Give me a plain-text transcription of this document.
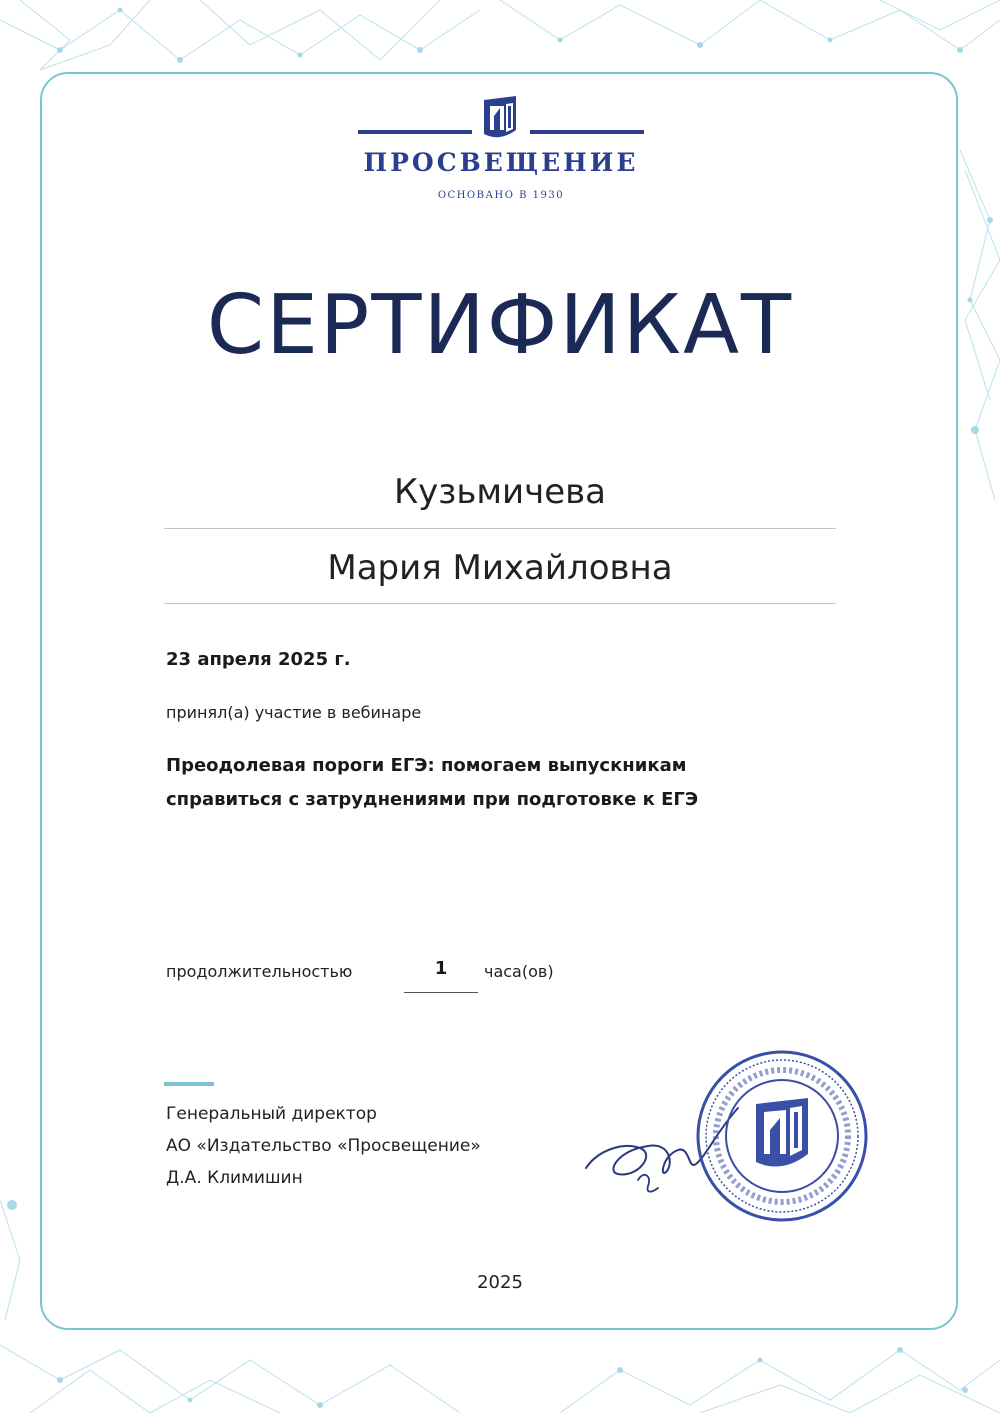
ПРОСВЕЩЕНИЕ
ОСНОВАНО В 1930
СЕРТИФИКАТ
Кузьмичева
Мария Михайловна
23 апреля 2025 г.
принял(а) участие в вебинаре
Преодолевая пороги ЕГЭ: помогаем выпускникам
справиться с затруднениями при подготовке к ЕГЭ
продолжительностью	1	часа(ов)
Генеральный директор
АО «Издательство «Просвещение»
Д.А. Климишин
2025
